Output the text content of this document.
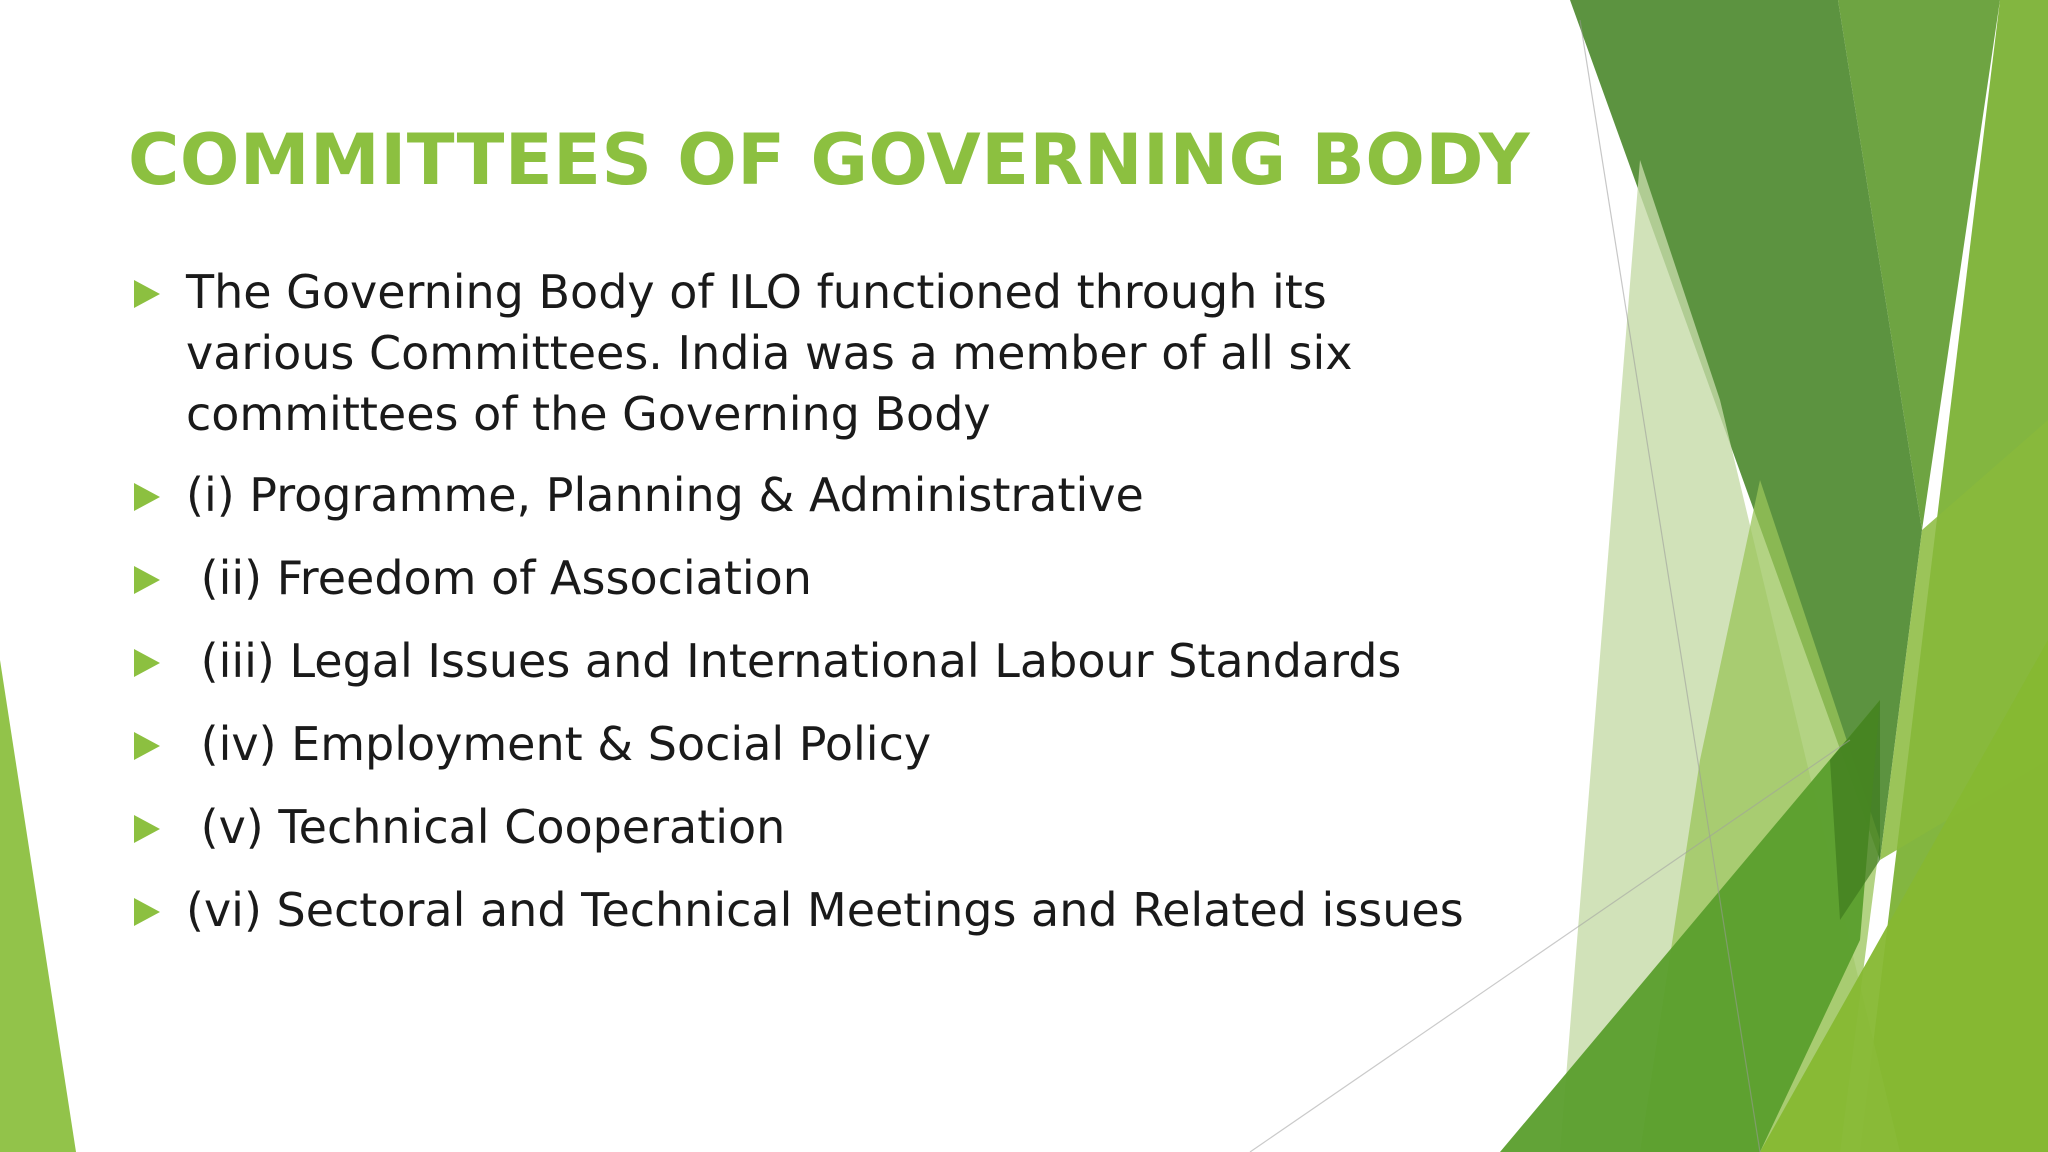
COMMITTEES OF GOVERNING BODY
The Governing Body of ILO functioned through its various Committees. India was a member of all six committees of the Governing Body
(i) Programme, Planning & Administrative
(ii) Freedom of Association
(iii) Legal Issues and International Labour Standards
(iv) Employment & Social Policy
(v) Technical Cooperation
(vi) Sectoral and Technical Meetings and Related issues
